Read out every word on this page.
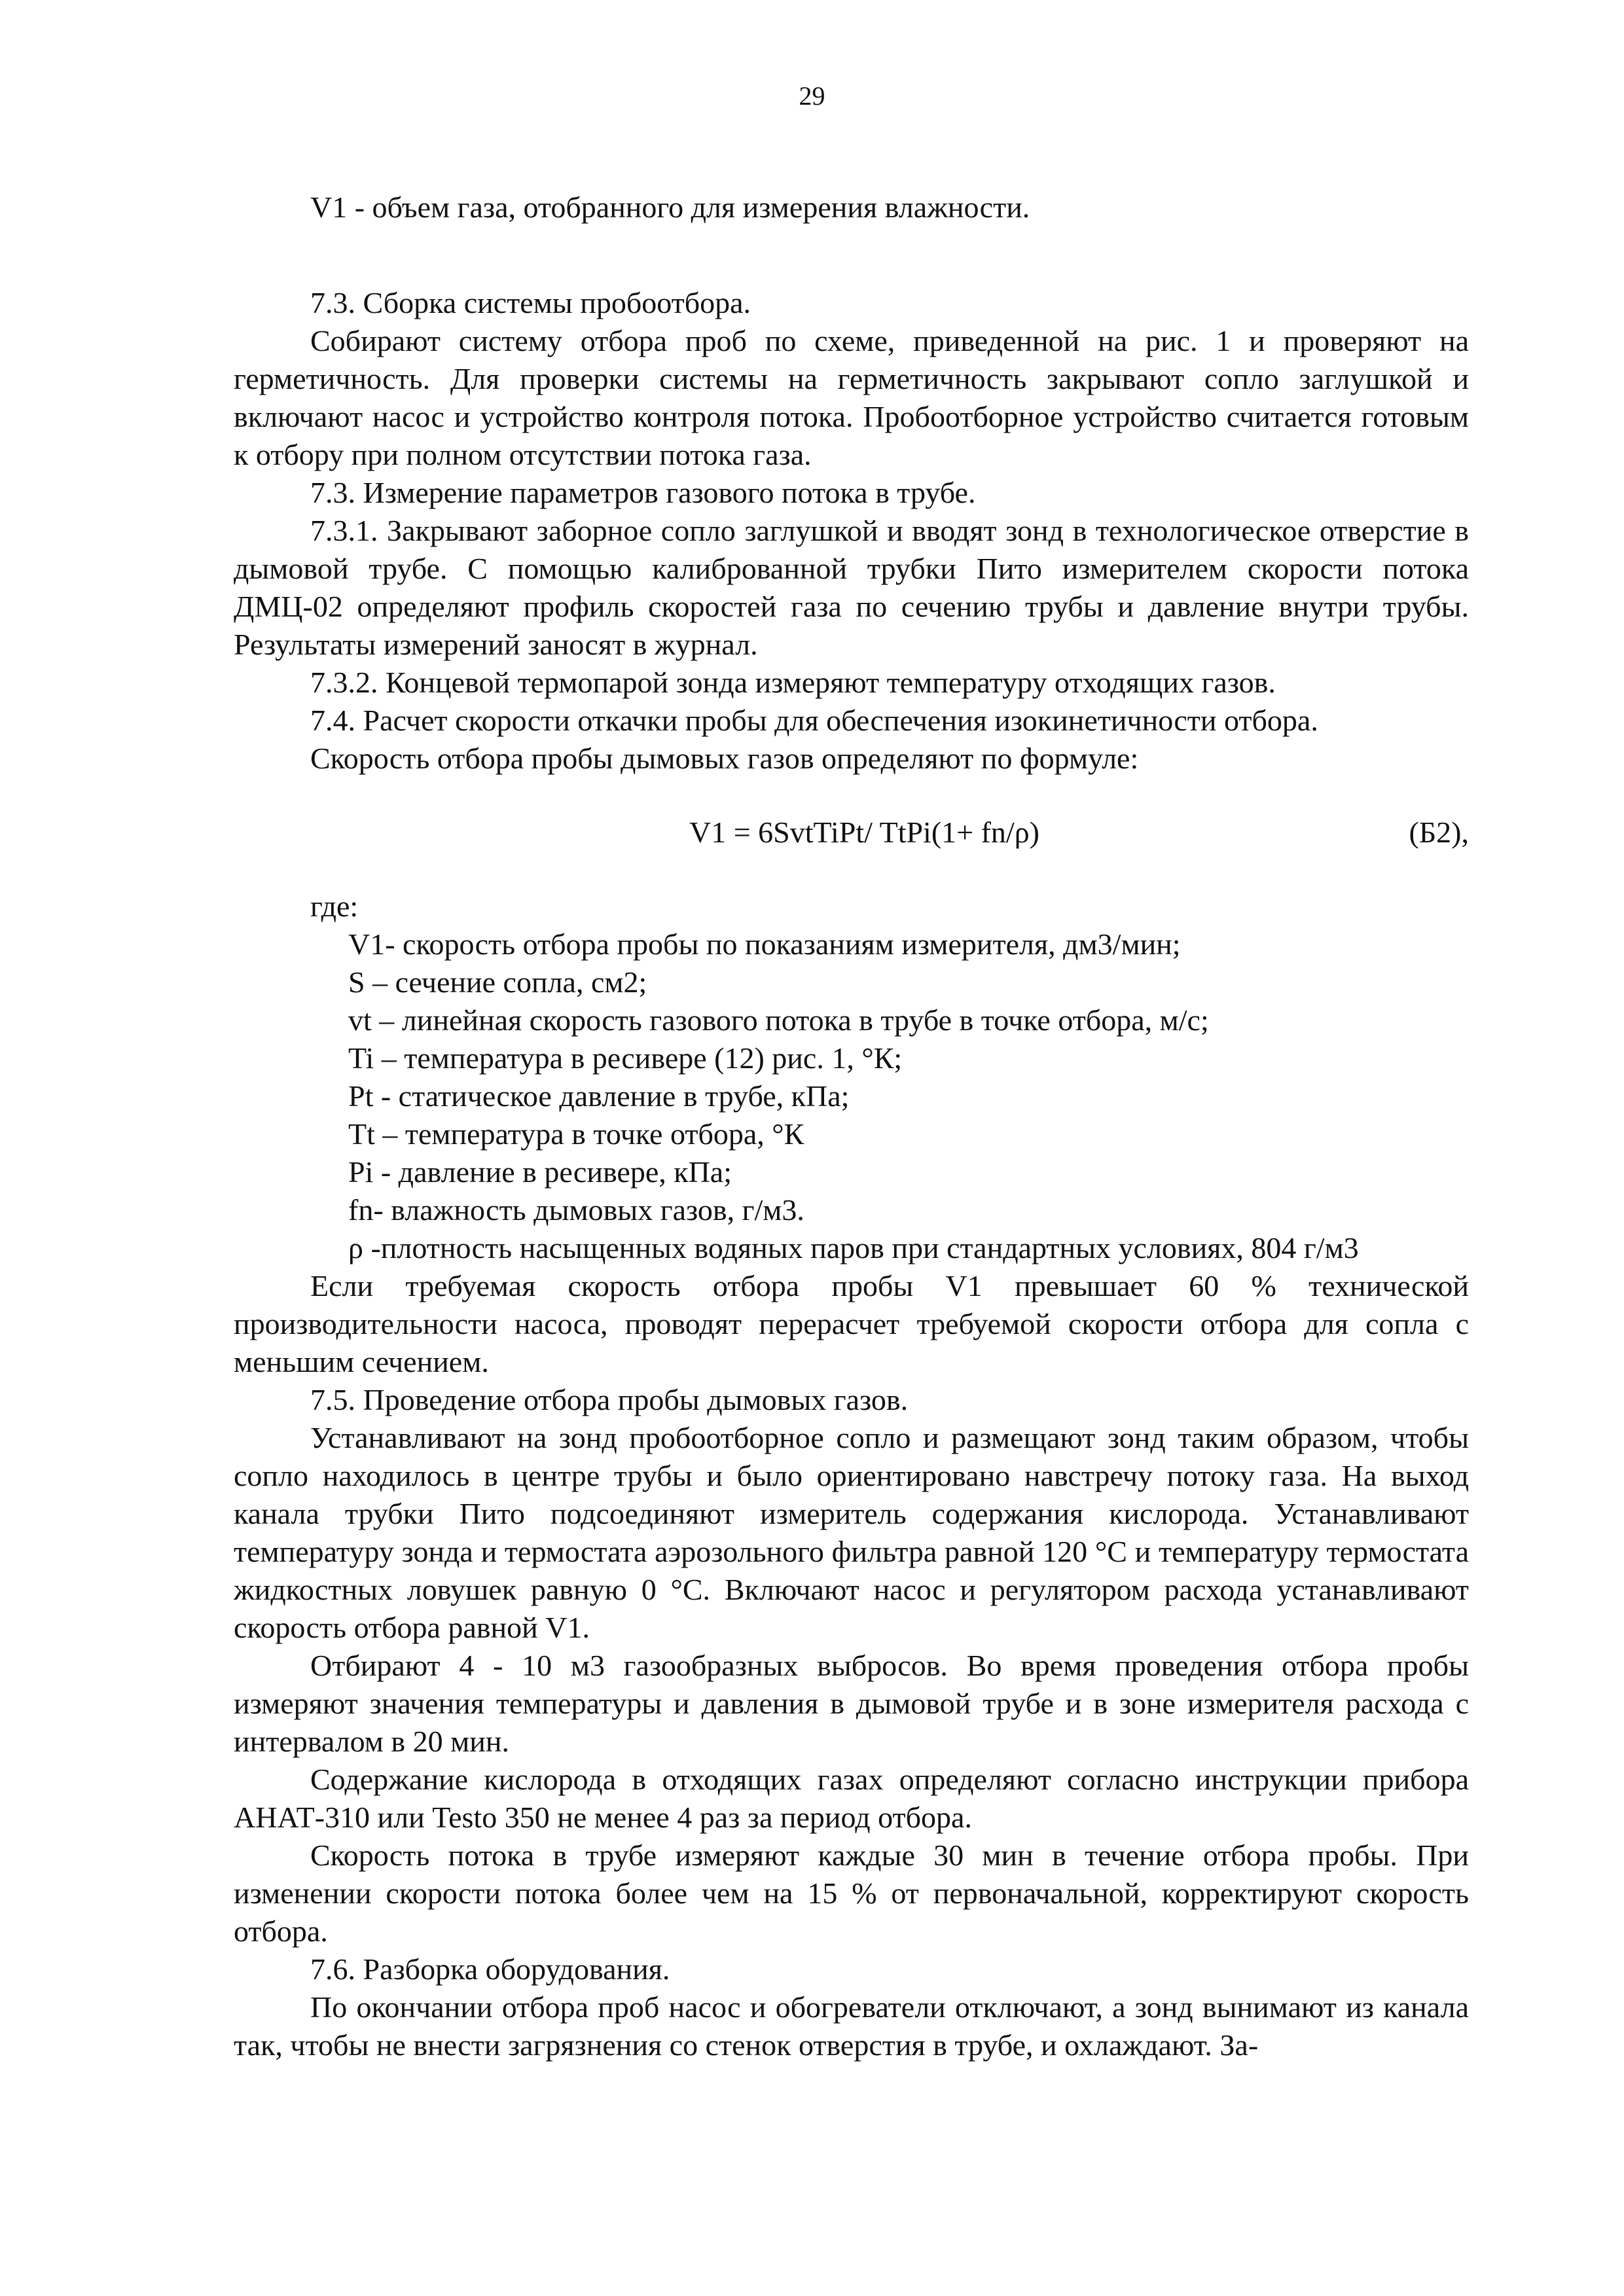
29

V1 - объем газа, отобранного для измерения влажности.

7.3. Сборка системы пробоотбора.

Собирают систему отбора проб по схеме, приведенной на рис. 1 и проверяют на герметичность. Для проверки системы на герметичность закрывают сопло заглушкой и включают насос и устройство контроля потока. Пробоотборное устройство считается готовым к отбору при полном отсутствии потока газа.

7.3. Измерение параметров газового потока в трубе.

7.3.1. Закрывают заборное сопло заглушкой и вводят зонд в технологическое отверстие в дымовой трубе. С помощью калиброванной трубки Пито измерителем скорости потока ДМЦ-02 определяют профиль скоростей газа по сечению трубы и давление внутри трубы. Результаты измерений заносят в журнал.

7.3.2. Концевой термопарой зонда измеряют температуру отходящих газов.

7.4. Расчет скорости откачки пробы для обеспечения изокинетичности отбора.

Скорость отбора пробы дымовых газов определяют по формуле:

V1 = 6SvtTiPt/ TtPi(1+ fn/ρ)	(Б2),

где:

V1- скорость отбора пробы по показаниям измерителя, дм3/мин;

S – сечение сопла, см2;

vt – линейная скорость газового потока в трубе в точке отбора, м/с;

Ti – температура в ресивере (12) рис. 1, °К;

Pt - статическое давление в трубе, кПа;

Tt – температура в точке отбора, °К

Pi - давление в ресивере, кПа;

fn- влажность дымовых газов, г/м3.

ρ -плотность насыщенных водяных паров при стандартных условиях, 804 г/м3

Если требуемая скорость отбора пробы V1 превышает 60 % технической производительности насоса, проводят перерасчет требуемой скорости отбора для сопла с меньшим сечением.

7.5. Проведение отбора пробы дымовых газов.

Устанавливают на зонд пробоотборное сопло и размещают зонд таким образом, чтобы сопло находилось в центре трубы и было ориентировано навстречу потоку газа. На выход канала трубки Пито подсоединяют измеритель содержания кислорода. Устанавливают температуру зонда и термостата аэрозольного фильтра равной 120 °С и температуру термостата жидкостных ловушек равную 0 °С. Включают насос и регулятором расхода устанавливают скорость отбора равной V1.

Отбирают 4 - 10 м3 газообразных выбросов. Во время проведения отбора пробы измеряют значения температуры и давления в дымовой трубе и в зоне измерителя расхода с интервалом в 20 мин.

Содержание кислорода в отходящих газах определяют согласно инструкции прибора АНАТ-310 или Testo 350 не менее 4 раз за период отбора.

Скорость потока в трубе измеряют каждые 30 мин в течение отбора пробы. При изменении скорости потока более чем на 15 % от первоначальной, корректируют скорость отбора.

7.6. Разборка оборудования.

По окончании отбора проб насос и обогреватели отключают, а зонд вынимают из канала так, чтобы не внести загрязнения со стенок отверстия в трубе, и охлаждают. За-
